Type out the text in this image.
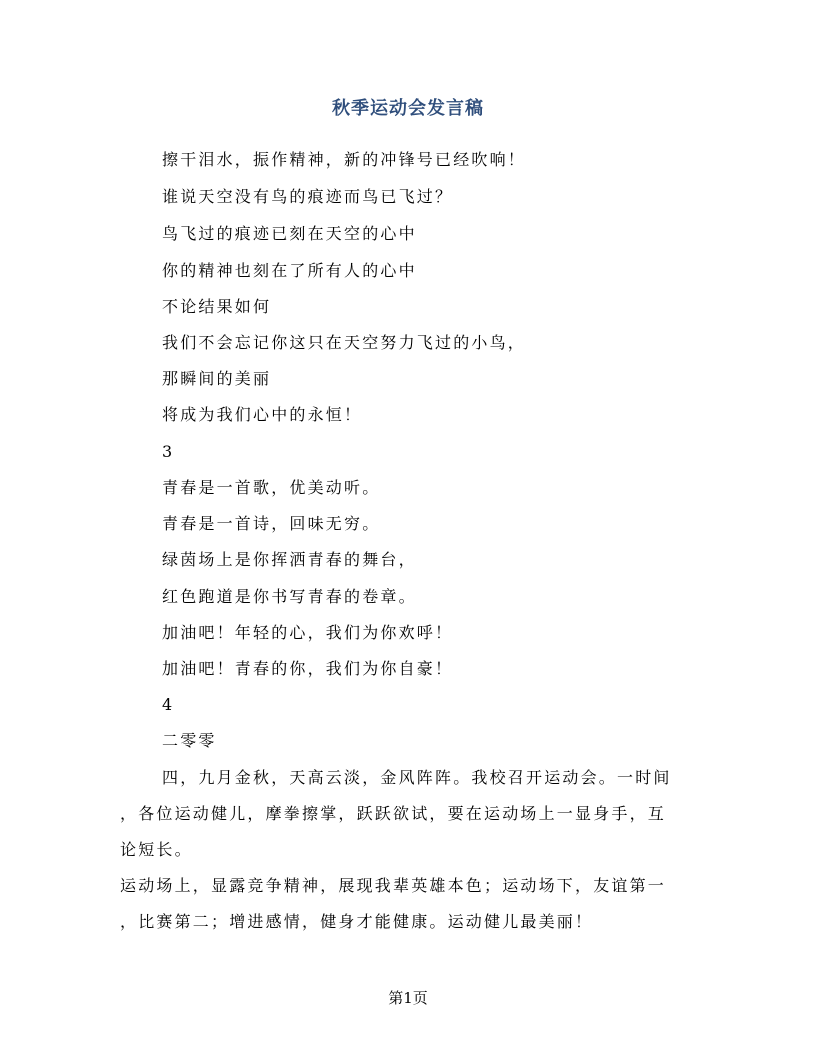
秋季运动会发言稿
擦干泪水，振作精神，新的冲锋号已经吹响！
谁说天空没有鸟的痕迹而鸟已飞过？
鸟飞过的痕迹已刻在天空的心中
你的精神也刻在了所有人的心中
不论结果如何
我们不会忘记你这只在天空努力飞过的小鸟，
那瞬间的美丽
将成为我们心中的永恒！
3
青春是一首歌，优美动听。
青春是一首诗，回味无穷。
绿茵场上是你挥洒青春的舞台，
红色跑道是你书写青春的卷章。
加油吧！年轻的心，我们为你欢呼！
加油吧！青春的你，我们为你自豪！
4
二零零
四，九月金秋，天高云淡，金风阵阵。我校召开运动会。一时间
，各位运动健儿，摩拳擦掌，跃跃欲试，要在运动场上一显身手，互
论短长。
运动场上，显露竞争精神，展现我辈英雄本色；运动场下，友谊第一
，比赛第二；增进感情，健身才能健康。运动健儿最美丽！
第1页
